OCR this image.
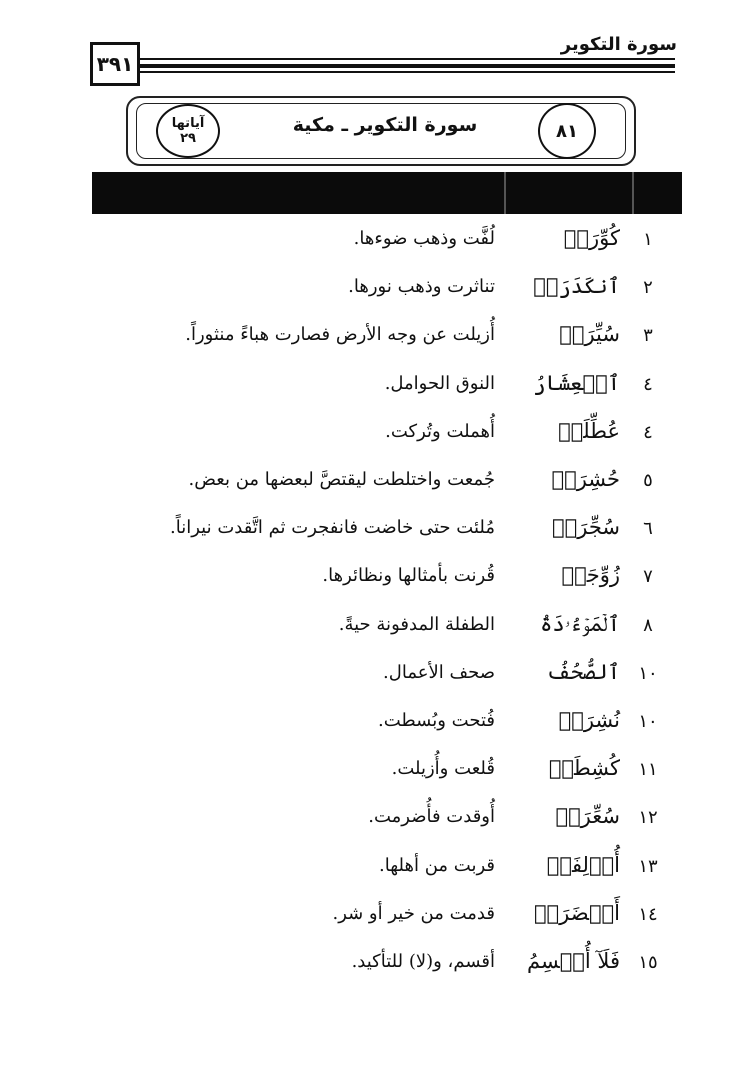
٣٩١
سورة التكوير
٨١
سورة التكوير ـ مكية
آياتها
٢٩
١
كُوِّرَتۡ
لُفَّت وذهب ضوءها.
٢
ٱنكَدَرَتۡ
تناثرت وذهب نورها.
٣
سُيِّرَتۡ
أُزيلت عن وجه الأرض فصارت هباءً منثوراً.
٤
ٱلۡعِشَارُ
النوق الحوامل.
٤
عُطِّلَتۡ
أُهملت وتُركت.
٥
حُشِرَتۡ
جُمعت واختلطت ليقتصَّ لبعضها من بعض.
٦
سُجِّرَتۡ
مُلئت حتى خاضت فانفجرت ثم اتَّقدت نيراناً.
٧
زُوِّجَتۡ
قُرنت بأمثالها ونظائرها.
٨
ٱلۡمَوۡءُۥدَةُ
الطفلة المدفونة حيةً.
١٠
ٱلصُّحُفُ
صحف الأعمال.
١٠
نُشِرَتۡ
فُتحت وبُسطت.
١١
كُشِطَتۡ
قُلعت وأُزيلت.
١٢
سُعِّرَتۡ
أُوقدت فأُضرمت.
١٣
أُزۡلِفَتۡ
قربت من أهلها.
١٤
أَحۡضَرَتۡ
قدمت من خير أو شر.
١٥
فَلَآ أُقۡسِمُ
أقسم، و(لا) للتأكيد.
